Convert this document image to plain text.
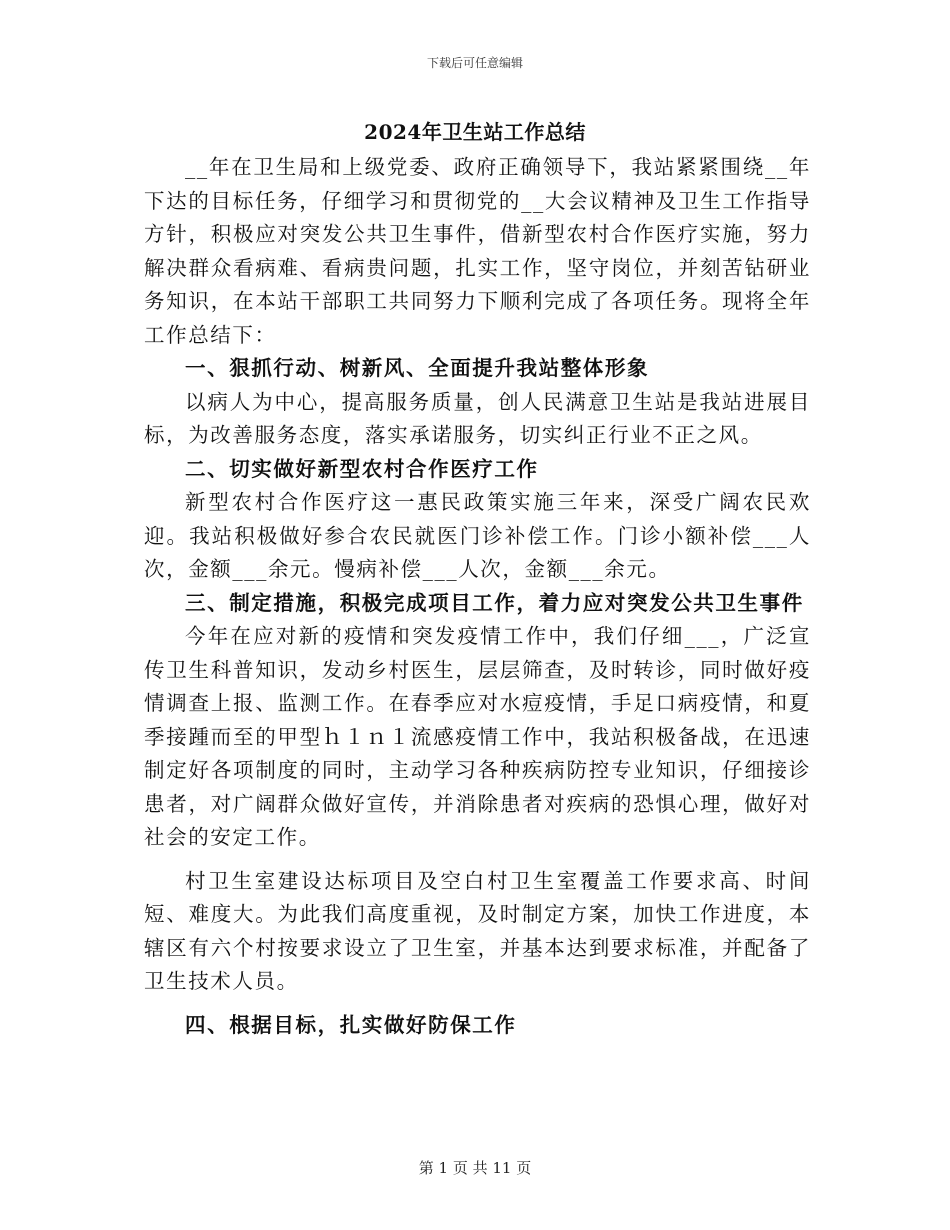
下载后可任意编辑
2024年卫生站工作总结

__年在卫生局和上级党委、政府正确领导下，我站紧紧围绕__年下达的目标任务，仔细学习和贯彻党的__大会议精神及卫生工作指导方针，积极应对突发公共卫生事件，借新型农村合作医疗实施，努力解决群众看病难、看病贵问题，扎实工作，坚守岗位，并刻苦钻研业务知识，在本站干部职工共同努力下顺利完成了各项任务。现将全年工作总结下：

一、狠抓行动、树新风、全面提升我站整体形象

以病人为中心，提高服务质量，创人民满意卫生站是我站进展目标，为改善服务态度，落实承诺服务，切实纠正行业不正之风。

二、切实做好新型农村合作医疗工作

新型农村合作医疗这一惠民政策实施三年来，深受广阔农民欢迎。我站积极做好参合农民就医门诊补偿工作。门诊小额补偿___人次，金额___余元。慢病补偿___人次，金额___余元。

三、制定措施，积极完成项目工作，着力应对突发公共卫生事件

今年在应对新的疫情和突发疫情工作中，我们仔细___，广泛宣传卫生科普知识，发动乡村医生，层层筛查，及时转诊，同时做好疫情调查上报、监测工作。在春季应对水痘疫情，手足口病疫情，和夏季接踵而至的甲型ｈ１ｎ１流感疫情工作中，我站积极备战，在迅速制定好各项制度的同时，主动学习各种疾病防控专业知识，仔细接诊患者，对广阔群众做好宣传，并消除患者对疾病的恐惧心理，做好对社会的安定工作。

村卫生室建设达标项目及空白村卫生室覆盖工作要求高、时间短、难度大。为此我们高度重视，及时制定方案，加快工作进度，本辖区有六个村按要求设立了卫生室，并基本达到要求标准，并配备了卫生技术人员。

四、根据目标，扎实做好防保工作
第 1 页 共 11 页
